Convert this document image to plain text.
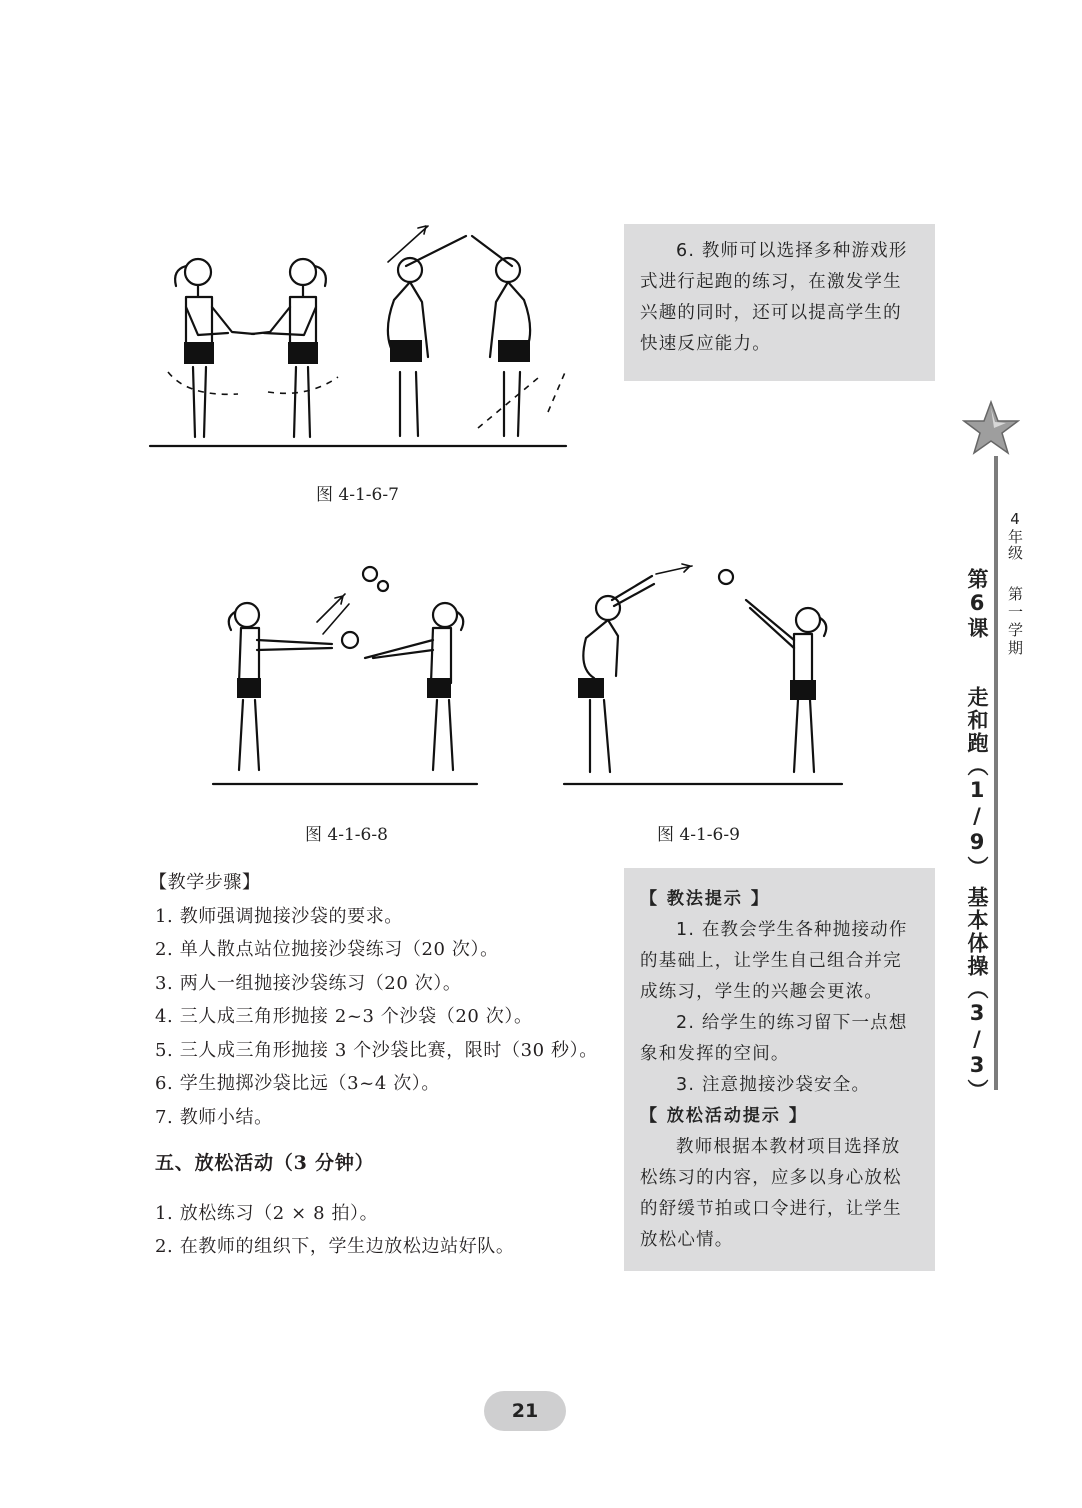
图 4-1-6-7

6. 教师可以选择多种游戏形

式进行起跑的练习，在激发学生

兴趣的同时，还可以提高学生的

快速反应能力。

图 4-1-6-8	图 4-1-6-9
【教学步骤】
1. 教师强调抛接沙袋的要求。
2. 单人散点站位抛接沙袋练习（20 次）。
3. 两人一组抛接沙袋练习（20 次）。
4. 三人成三角形抛接 2~3 个沙袋（20 次）。
5. 三人成三角形抛接 3 个沙袋比赛，限时（30 秒）。
6. 学生抛掷沙袋比远（3~4 次）。
7. 教师小结。
五、放松活动（3 分钟）
1. 放松练习（2 × 8 拍）。
2. 在教师的组织下，学生边放松边站好队。
【 教法提示 】

1. 在教会学生各种抛接动作

的基础上，让学生自己组合并完

成练习，学生的兴趣会更浓。

2. 给学生的练习留下一点想

象和发挥的空间。

3. 注意抛接沙袋安全。

【 放松活动提示 】

教师根据本教材项目选择放

松练习的内容，应多以身心放松

的舒缓节拍或口令进行，让学生

放松心情。

4年级
第一学期
第6课
走和跑（1/9）
基本体操（3/3）
21
